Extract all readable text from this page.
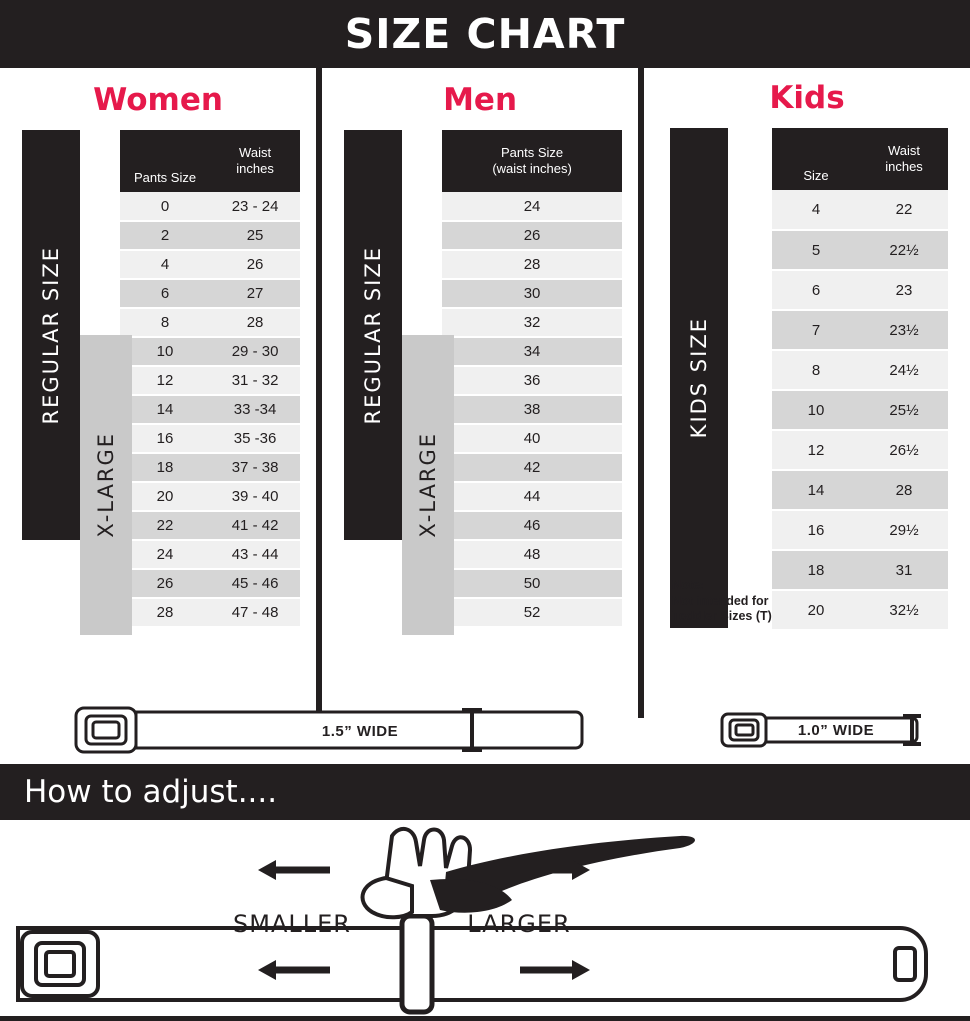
SIZE CHART
Women
REGULAR SIZE
X-LARGE
Pants Size	Waist
inches

0	23 - 24
2	25
4	26
6	27
8	28
10	29 - 30
12	31 - 32
14	33 -34
16	35 -36
18	37 - 38
20	39 - 40
22	41 - 42
24	43 - 44
26	45 - 46
28	47 - 48
Men
REGULAR SIZE
X-LARGE
Pants Size
(waist inches)

24
26
28
30
32
34
36
38
40
42
44
46
48
50
52
Kids
KIDS SIZE
Size	Waist
inches

4	22
5	22½
6	23
7	23½
8	24½
10	25½
12	26½
14	28
16	29½
18	31
20	32½
Note:
Not intended for
Toddler Sizes (T)
1.5” WIDE	1.0” WIDE
How to adjust....
SMALLER	LARGER
